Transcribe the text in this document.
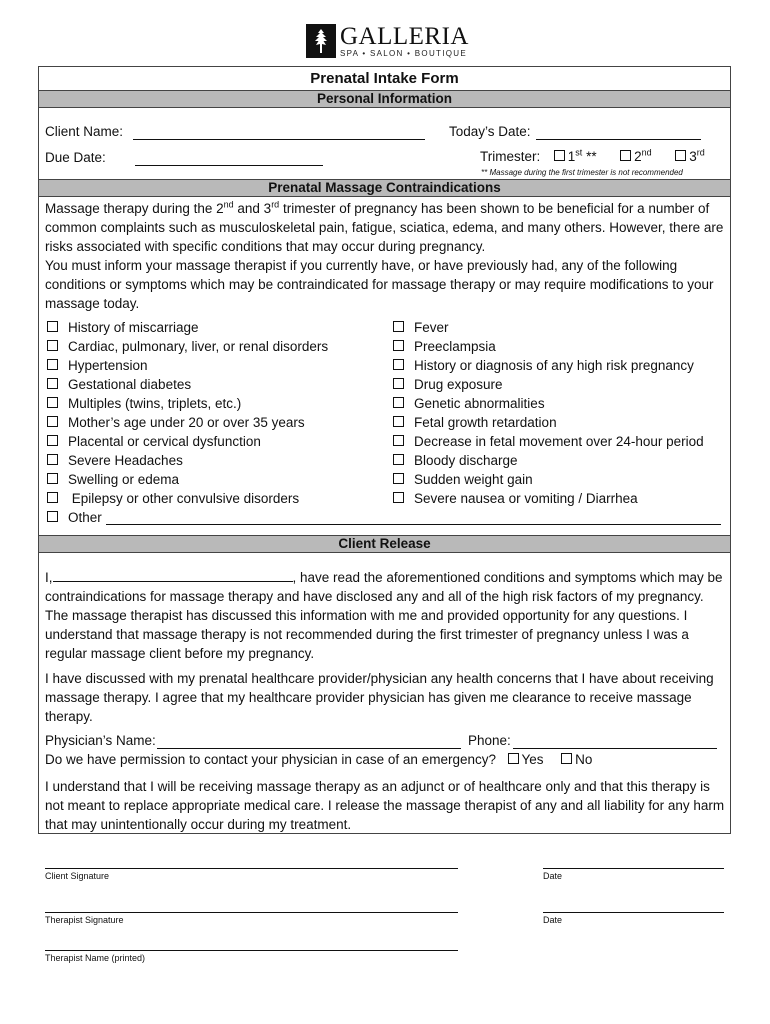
GALLERIA
SPA • SALON • BOUTIQUE
Prenatal Intake Form
Personal Information
Client Name:	Today’s Date:
Due Date:	Trimester: 1st **	2nd	3rd
** Massage during the first trimester is not recommended
Prenatal Massage Contraindications
Massage therapy during the 2nd and 3rd trimester of pregnancy has been shown to be beneficial for a number of common complaints such as musculoskeletal pain, fatigue, sciatica, edema, and many others. However, there are risks associated with specific conditions that may occur during pregnancy.
You must inform your massage therapist if you currently have, or have previously had, any of the following conditions or symptoms which may be contraindicated for massage therapy or may require modifications to your massage today.
History of miscarriage
Cardiac, pulmonary, liver, or renal disorders
Hypertension
Gestational diabetes
Multiples (twins, triplets, etc.)
Mother’s age under 20 or over 35 years
Placental or cervical dysfunction
Severe Headaches
Swelling or edema
Epilepsy or other convulsive disorders
Fever
Preeclampsia
History or diagnosis of any high risk pregnancy
Drug exposure
Genetic abnormalities
Fetal growth retardation
Decrease in fetal movement over 24-hour period
Bloody discharge
Sudden weight gain
Severe nausea or vomiting / Diarrhea
Other
Client Release
I,	, have read the aforementioned conditions and symptoms which may be contraindications for massage therapy and have disclosed any and all of the high risk factors of my pregnancy. The massage therapist has discussed this information with me and provided opportunity for any questions. I understand that massage therapy is not recommended during the first trimester of pregnancy unless I was a regular massage client before my pregnancy.
I have discussed with my prenatal healthcare provider/physician any health concerns that I have about receiving massage therapy. I agree that my healthcare provider physician has given me clearance to receive massage therapy.
Physician’s Name:	Phone:
Do we have permission to contact your physician in case of an emergency? Yes No
I understand that I will be receiving massage therapy as an adjunct or of healthcare only and that this therapy is not meant to replace appropriate medical care. I release the massage therapist of any and all liability for any harm that may unintentionally occur during my treatment.
Client Signature	Date
Therapist Signature	Date
Therapist Name (printed)
